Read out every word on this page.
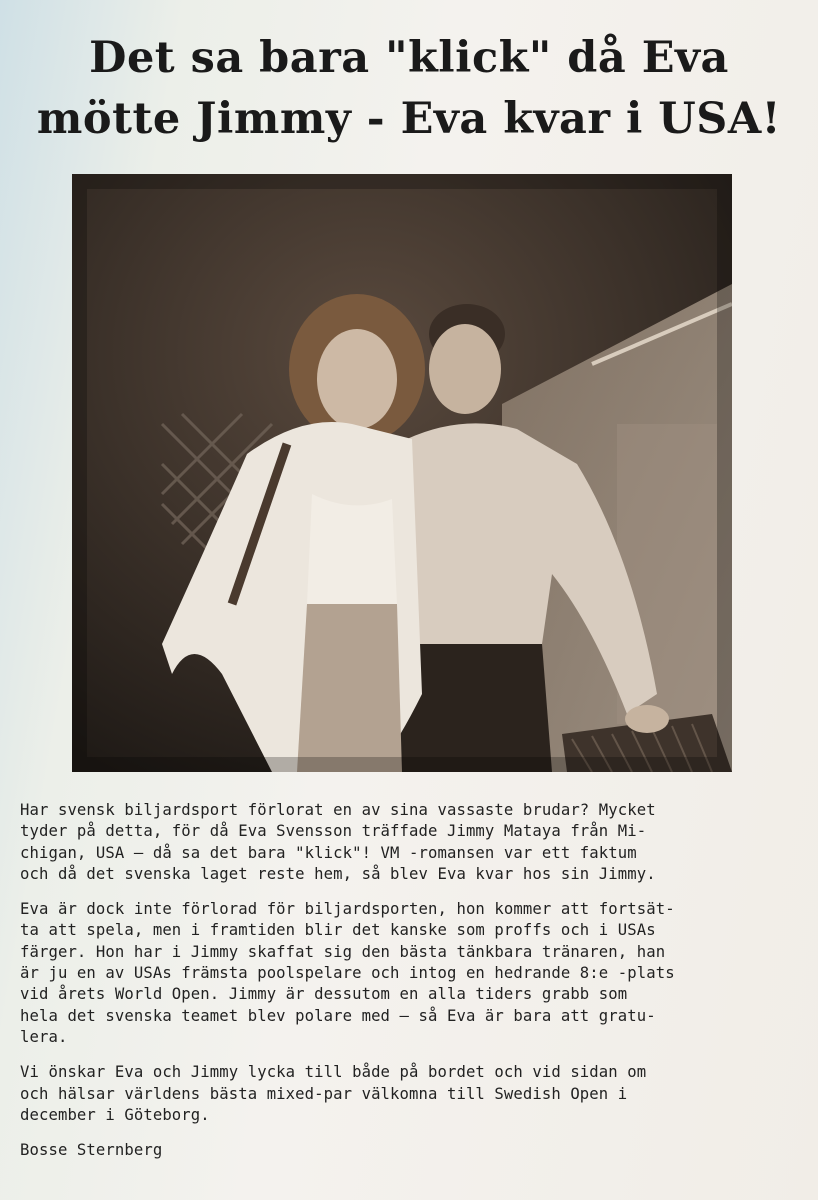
Det sa bara "klick" då Eva
mötte Jimmy - Eva kvar i USA!

Har svensk biljardsport förlorat en av sina vassaste brudar? Mycket
tyder på detta, för då Eva Svensson träffade Jimmy Mataya från Mi-
chigan, USA — då sa det bara "klick"! VM -romansen var ett faktum
och då det svenska laget reste hem, så blev Eva kvar hos sin Jimmy.

Eva är dock inte förlorad för biljardsporten, hon kommer att fortsät-
ta att spela, men i framtiden blir det kanske som proffs och i USAs
färger. Hon har i Jimmy skaffat sig den bästa tänkbara tränaren, han
är ju en av USAs främsta poolspelare och intog en hedrande 8:e -plats
vid årets World Open. Jimmy är dessutom en alla tiders grabb som
hela det svenska teamet blev polare med — så Eva är bara att gratu-
lera.

Vi önskar Eva och Jimmy lycka till både på bordet och vid sidan om
och hälsar världens bästa mixed-par välkomna till Swedish Open i
december i Göteborg.

Bosse Sternberg
